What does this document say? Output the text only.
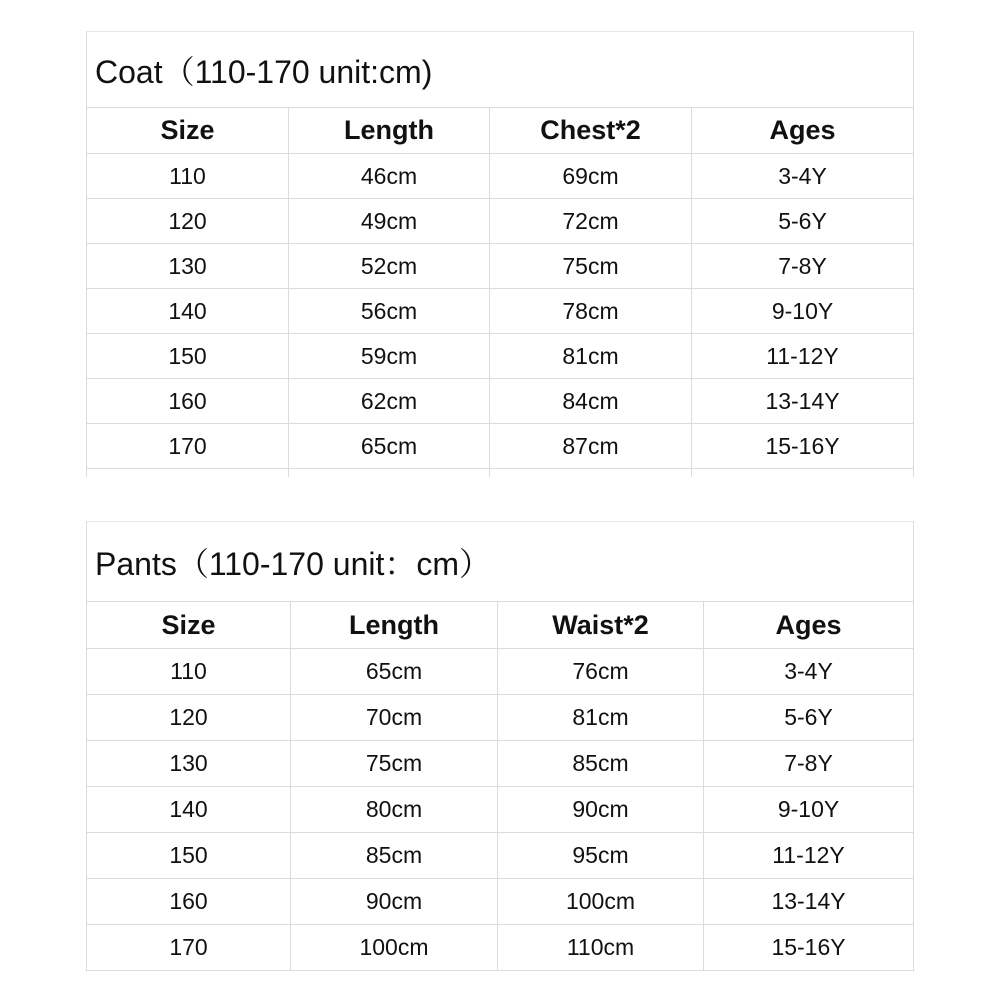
Coat（110-170 unit:cm)			
Size	Length	Chest*2	Ages
110	46cm	69cm	3-4Y
120	49cm	72cm	5-6Y
130	52cm	75cm	7-8Y
140	56cm	78cm	9-10Y
150	59cm	81cm	11-12Y
160	62cm	84cm	13-14Y
170	65cm	87cm	15-16Y

Pants（110-170 unit：cm）			
Size	Length	Waist*2	Ages
110	65cm	76cm	3-4Y
120	70cm	81cm	5-6Y
130	75cm	85cm	7-8Y
140	80cm	90cm	9-10Y
150	85cm	95cm	11-12Y
160	90cm	100cm	13-14Y
170	100cm	110cm	15-16Y
